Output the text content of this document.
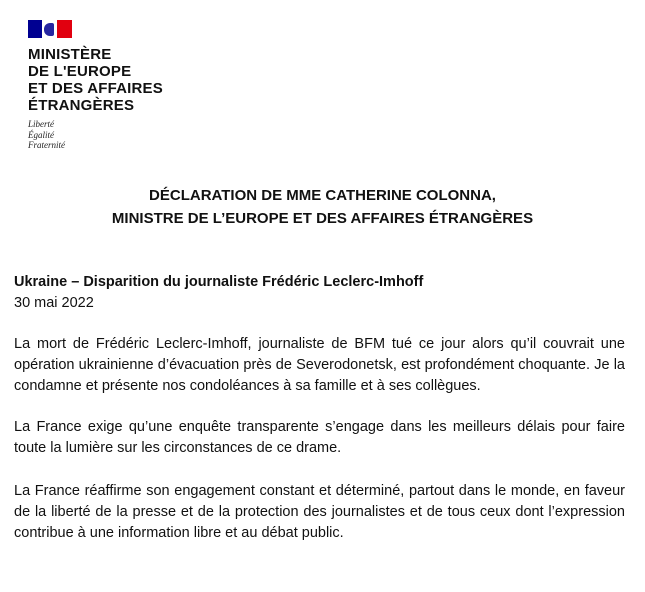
MINISTÈRE
DE L'EUROPE
ET DES AFFAIRES
ÉTRANGÈRES
Liberté
Égalité
Fraternité
DÉCLARATION DE MME CATHERINE COLONNA,
MINISTRE DE L’EUROPE ET DES AFFAIRES ÉTRANGÈRES
Ukraine – Disparition du journaliste Frédéric Leclerc-Imhoff
30 mai 2022

La mort de Frédéric Leclerc-Imhoff, journaliste de BFM tué ce jour alors qu’il couvrait une opération ukrainienne d’évacuation près de Severodonetsk, est profondément choquante. Je la condamne et présente nos condoléances à sa famille et à ses collègues.

La France exige qu’une enquête transparente s’engage dans les meilleurs délais pour faire toute la lumière sur les circonstances de ce drame.

La France réaffirme son engagement constant et déterminé, partout dans le monde, en faveur de la liberté de la presse et de la protection des journalistes et de tous ceux dont l’expression contribue à une information libre et au débat public.
